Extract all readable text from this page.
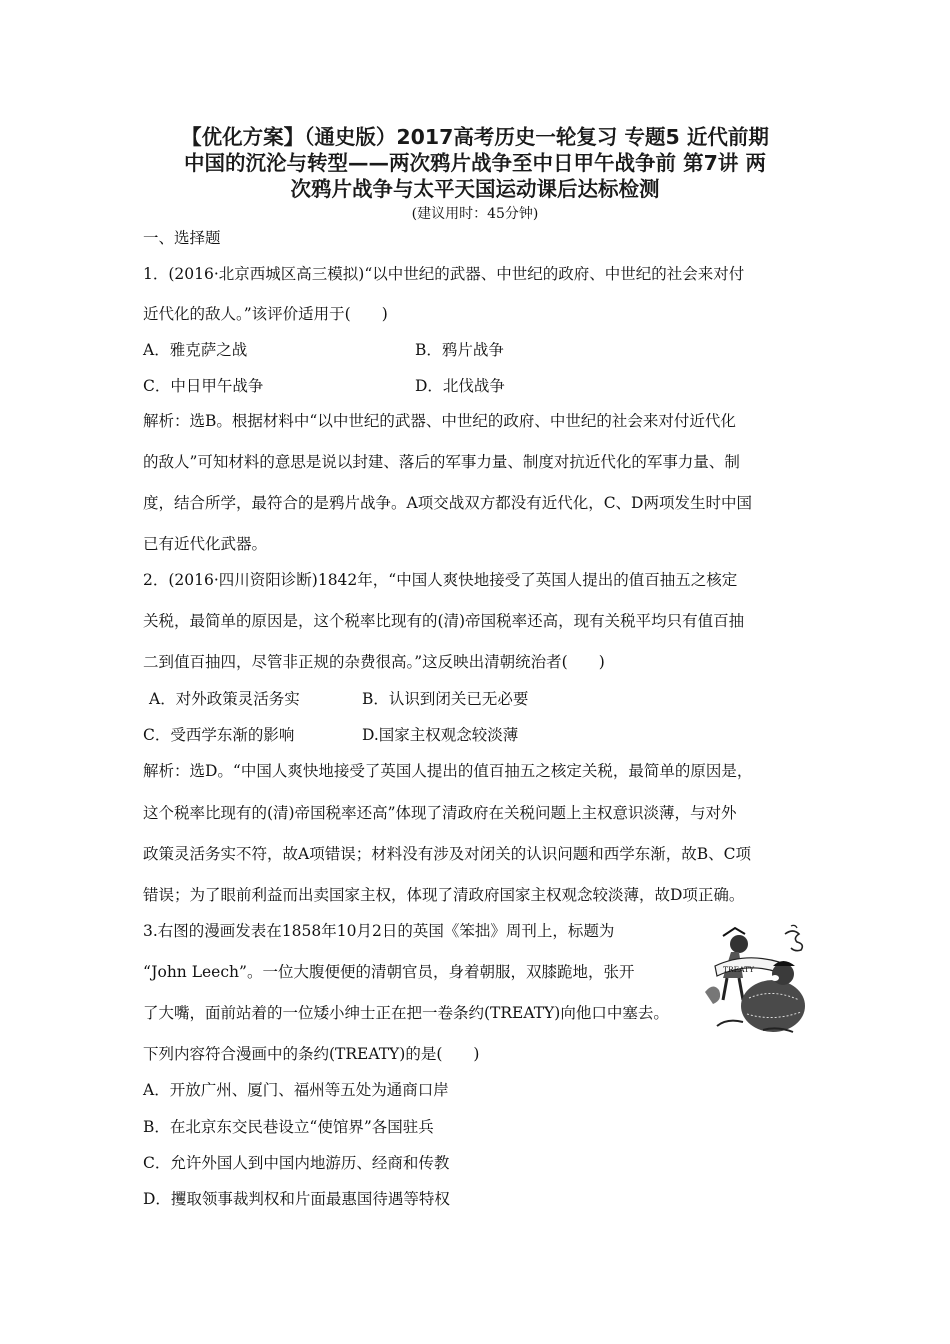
【优化方案】（通史版）2017高考历史一轮复习 专题5 近代前期
中国的沉沦与转型——两次鸦片战争至中日甲午战争前 第7讲 两
次鸦片战争与太平天国运动课后达标检测
(建议用时：45分钟)
一、选择题
1．(2016·北京西城区高三模拟)“以中世纪的武器、中世纪的政府、中世纪的社会来对付
近代化的敌人。”该评价适用于(　　)
A．雅克萨之战	B．鸦片战争
C．中日甲午战争	D．北伐战争
解析：选B。根据材料中“以中世纪的武器、中世纪的政府、中世纪的社会来对付近代化
的敌人”可知材料的意思是说以封建、落后的军事力量、制度对抗近代化的军事力量、制
度，结合所学，最符合的是鸦片战争。A项交战双方都没有近代化，C、D两项发生时中国
已有近代化武器。
2．(2016·四川资阳诊断)1842年，“中国人爽快地接受了英国人提出的值百抽五之核定
关税，最简单的原因是，这个税率比现有的(清)帝国税率还高，现有关税平均只有值百抽
二到值百抽四，尽管非正规的杂费很高。”这反映出清朝统治者(　　)
A．对外政策灵活务实	B．认识到闭关已无必要
C．受西学东渐的影响	D.国家主权观念较淡薄
解析：选D。“中国人爽快地接受了英国人提出的值百抽五之核定关税，最简单的原因是，
这个税率比现有的(清)帝国税率还高”体现了清政府在关税问题上主权意识淡薄，与对外
政策灵活务实不符，故A项错误；材料没有涉及对闭关的认识问题和西学东渐，故B、C项
错误；为了眼前利益而出卖国家主权，体现了清政府国家主权观念较淡薄，故D项正确。
3.右图的漫画发表在1858年10月2日的英国《笨拙》周刊上，标题为
“John Leech”。一位大腹便便的清朝官员，身着朝服，双膝跪地，张开
了大嘴，面前站着的一位矮小绅士正在把一卷条约(TREATY)向他口中塞去。
下列内容符合漫画中的条约(TREATY)的是(　　)
TREATY
A．开放广州、厦门、福州等五处为通商口岸
B．在北京东交民巷设立“使馆界”各国驻兵
C．允许外国人到中国内地游历、经商和传教
D．攫取领事裁判权和片面最惠国待遇等特权
